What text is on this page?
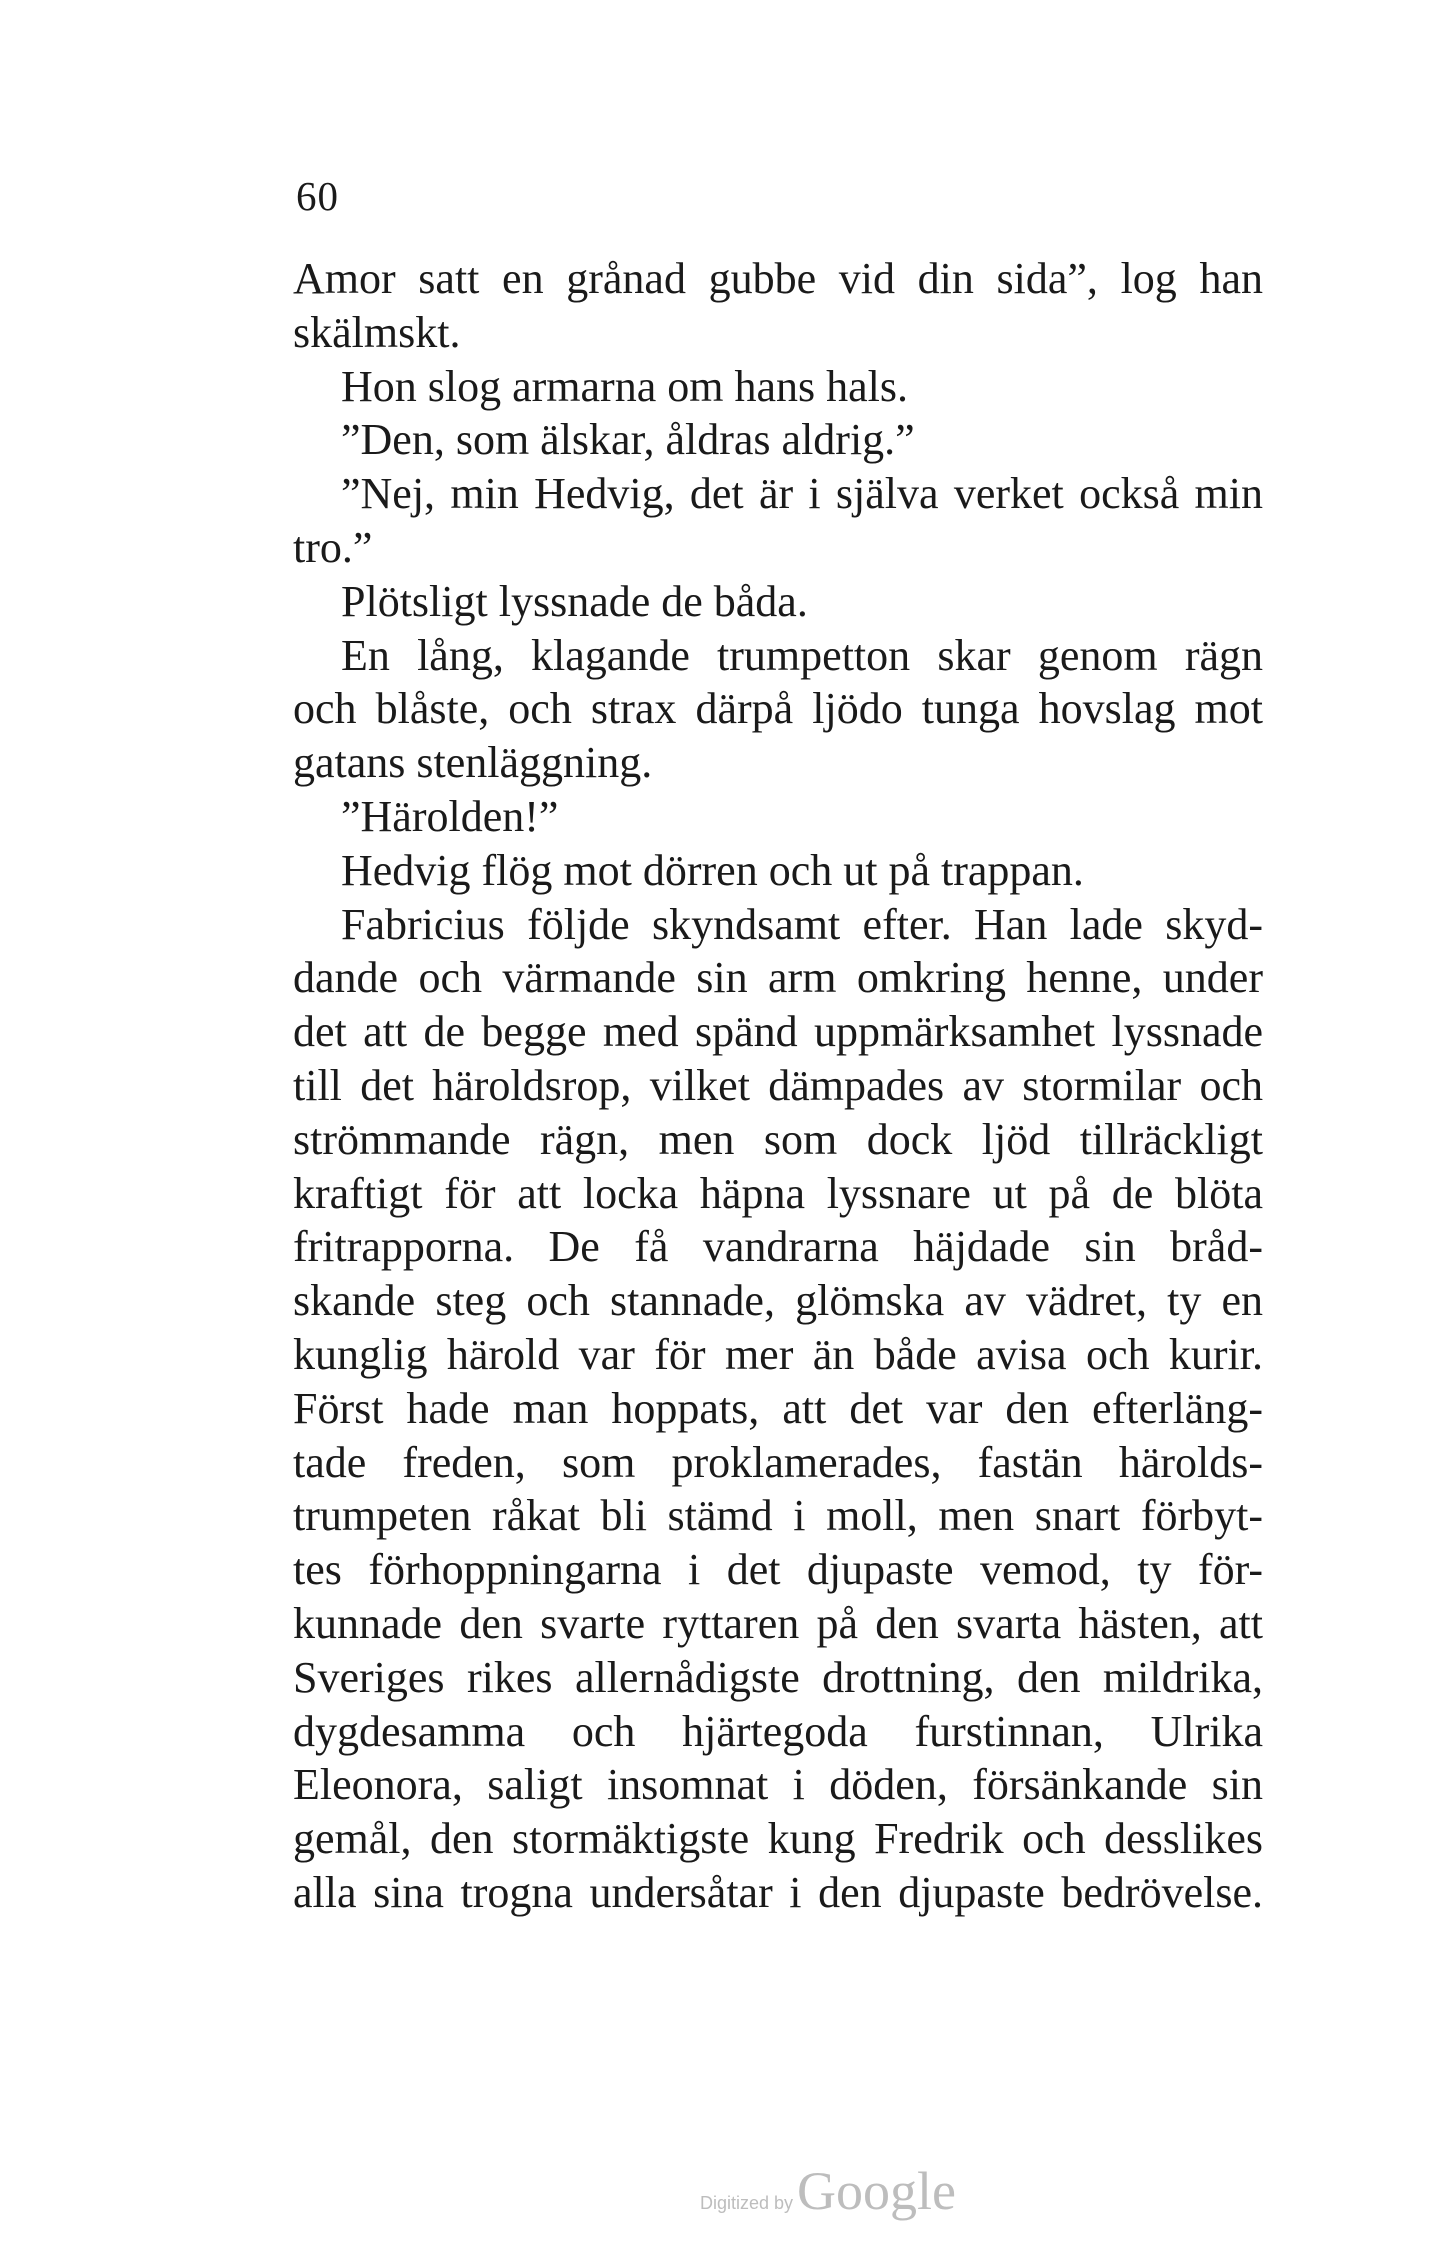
60
Amor satt en grånad gubbe vid din sida”, log han
skälmskt.
Hon slog armarna om hans hals.
”Den, som älskar, åldras aldrig.”
”Nej, min Hedvig, det är i själva verket också min
tro.”
Plötsligt lyssnade de båda.
En lång, klagande trumpetton skar genom rägn
och blåste, och strax därpå ljödo tunga hovslag mot
gatans stenläggning.
”Härolden!”
Hedvig flög mot dörren och ut på trappan.
Fabricius följde skyndsamt efter. Han lade skyd-
dande och värmande sin arm omkring henne, under
det att de begge med spänd uppmärksamhet lyssnade
till det häroldsrop, vilket dämpades av stormilar och
strömmande rägn, men som dock ljöd tillräckligt
kraftigt för att locka häpna lyssnare ut på de blöta
fritrapporna. De få vandrarna häjdade sin bråd-
skande steg och stannade, glömska av vädret, ty en
kunglig härold var för mer än både avisa och kurir.
Först hade man hoppats, att det var den efterläng-
tade freden, som proklamerades, fastän härolds-
trumpeten råkat bli stämd i moll, men snart förbyt-
tes förhoppningarna i det djupaste vemod, ty för-
kunnade den svarte ryttaren på den svarta hästen, att
Sveriges rikes allernådigste drottning, den mildrika,
dygdesamma och hjärtegoda furstinnan, Ulrika
Eleonora, saligt insomnat i döden, försänkande sin
gemål, den stormäktigste kung Fredrik och desslikes
alla sina trogna undersåtar i den djupaste bedrövelse.
Digitized byGoogle
